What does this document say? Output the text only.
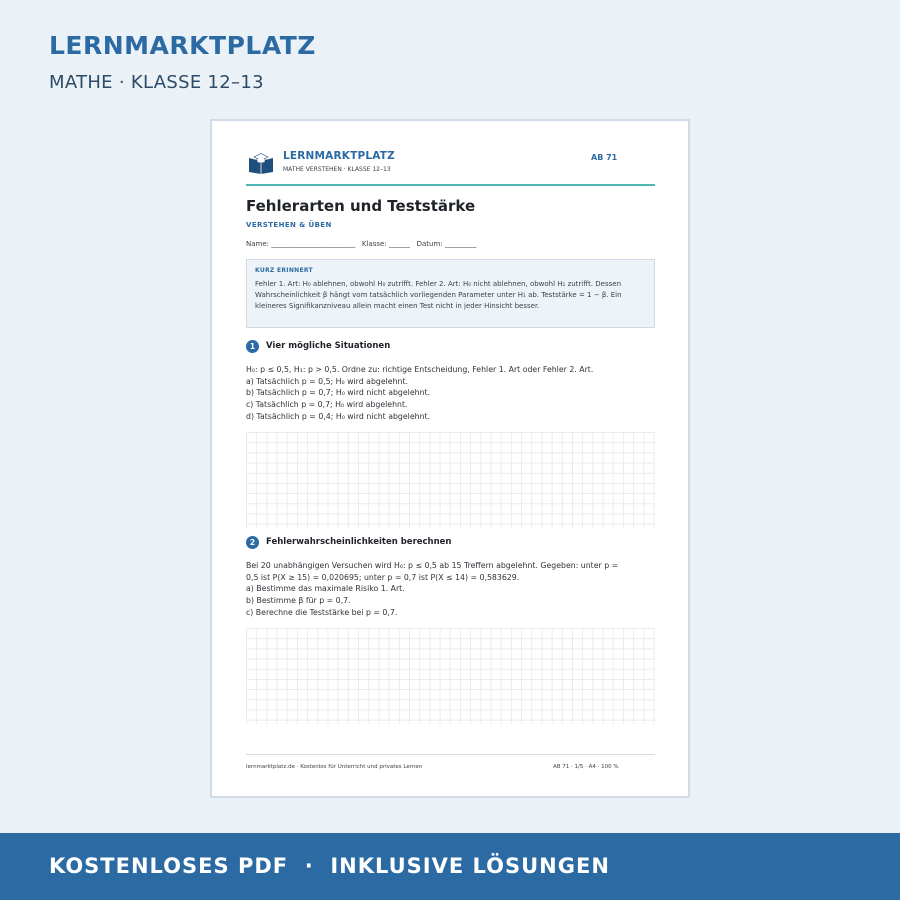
LERNMARKTPLATZ
MATHE · KLASSE 12–13
LERNMARKTPLATZ
MATHE VERSTEHEN · KLASSE 12–13
AB 71
Fehlerarten und Teststärke
VERSTEHEN & ÜBEN
Name: ________________________   Klasse: ______   Datum: _________
KURZ ERINNERT
Fehler 1. Art: H₀ ablehnen, obwohl H₀ zutrifft. Fehler 2. Art: H₀ nicht ablehnen, obwohl H₁ zutrifft. Dessen Wahrscheinlichkeit β hängt vom tatsächlich vorliegenden Parameter unter H₁ ab. Teststärke = 1 − β. Ein kleineres Signifikanzniveau allein macht einen Test nicht in jeder Hinsicht besser.
1	Vier mögliche Situationen
H₀: p ≤ 0,5, H₁: p > 0,5. Ordne zu: richtige Entscheidung, Fehler 1. Art oder Fehler 2. Art.
a) Tatsächlich p = 0,5; H₀ wird abgelehnt.
b) Tatsächlich p = 0,7; H₀ wird nicht abgelehnt.
c) Tatsächlich p = 0,7; H₀ wird abgelehnt.
d) Tatsächlich p = 0,4; H₀ wird nicht abgelehnt.
2	Fehlerwahrscheinlichkeiten berechnen
Bei 20 unabhängigen Versuchen wird H₀: p ≤ 0,5 ab 15 Treffern abgelehnt. Gegeben: unter p =
0,5 ist P(X ≥ 15) = 0,020695; unter p = 0,7 ist P(X ≤ 14) = 0,583629.
a) Bestimme das maximale Risiko 1. Art.
b) Bestimme β für p = 0,7.
c) Berechne die Teststärke bei p = 0,7.
lernmarktplatz.de · Kostenlos für Unterricht und privates Lernen	AB 71 · 1/5 · A4 · 100 %
KOSTENLOSES PDF  ·  INKLUSIVE LÖSUNGEN
